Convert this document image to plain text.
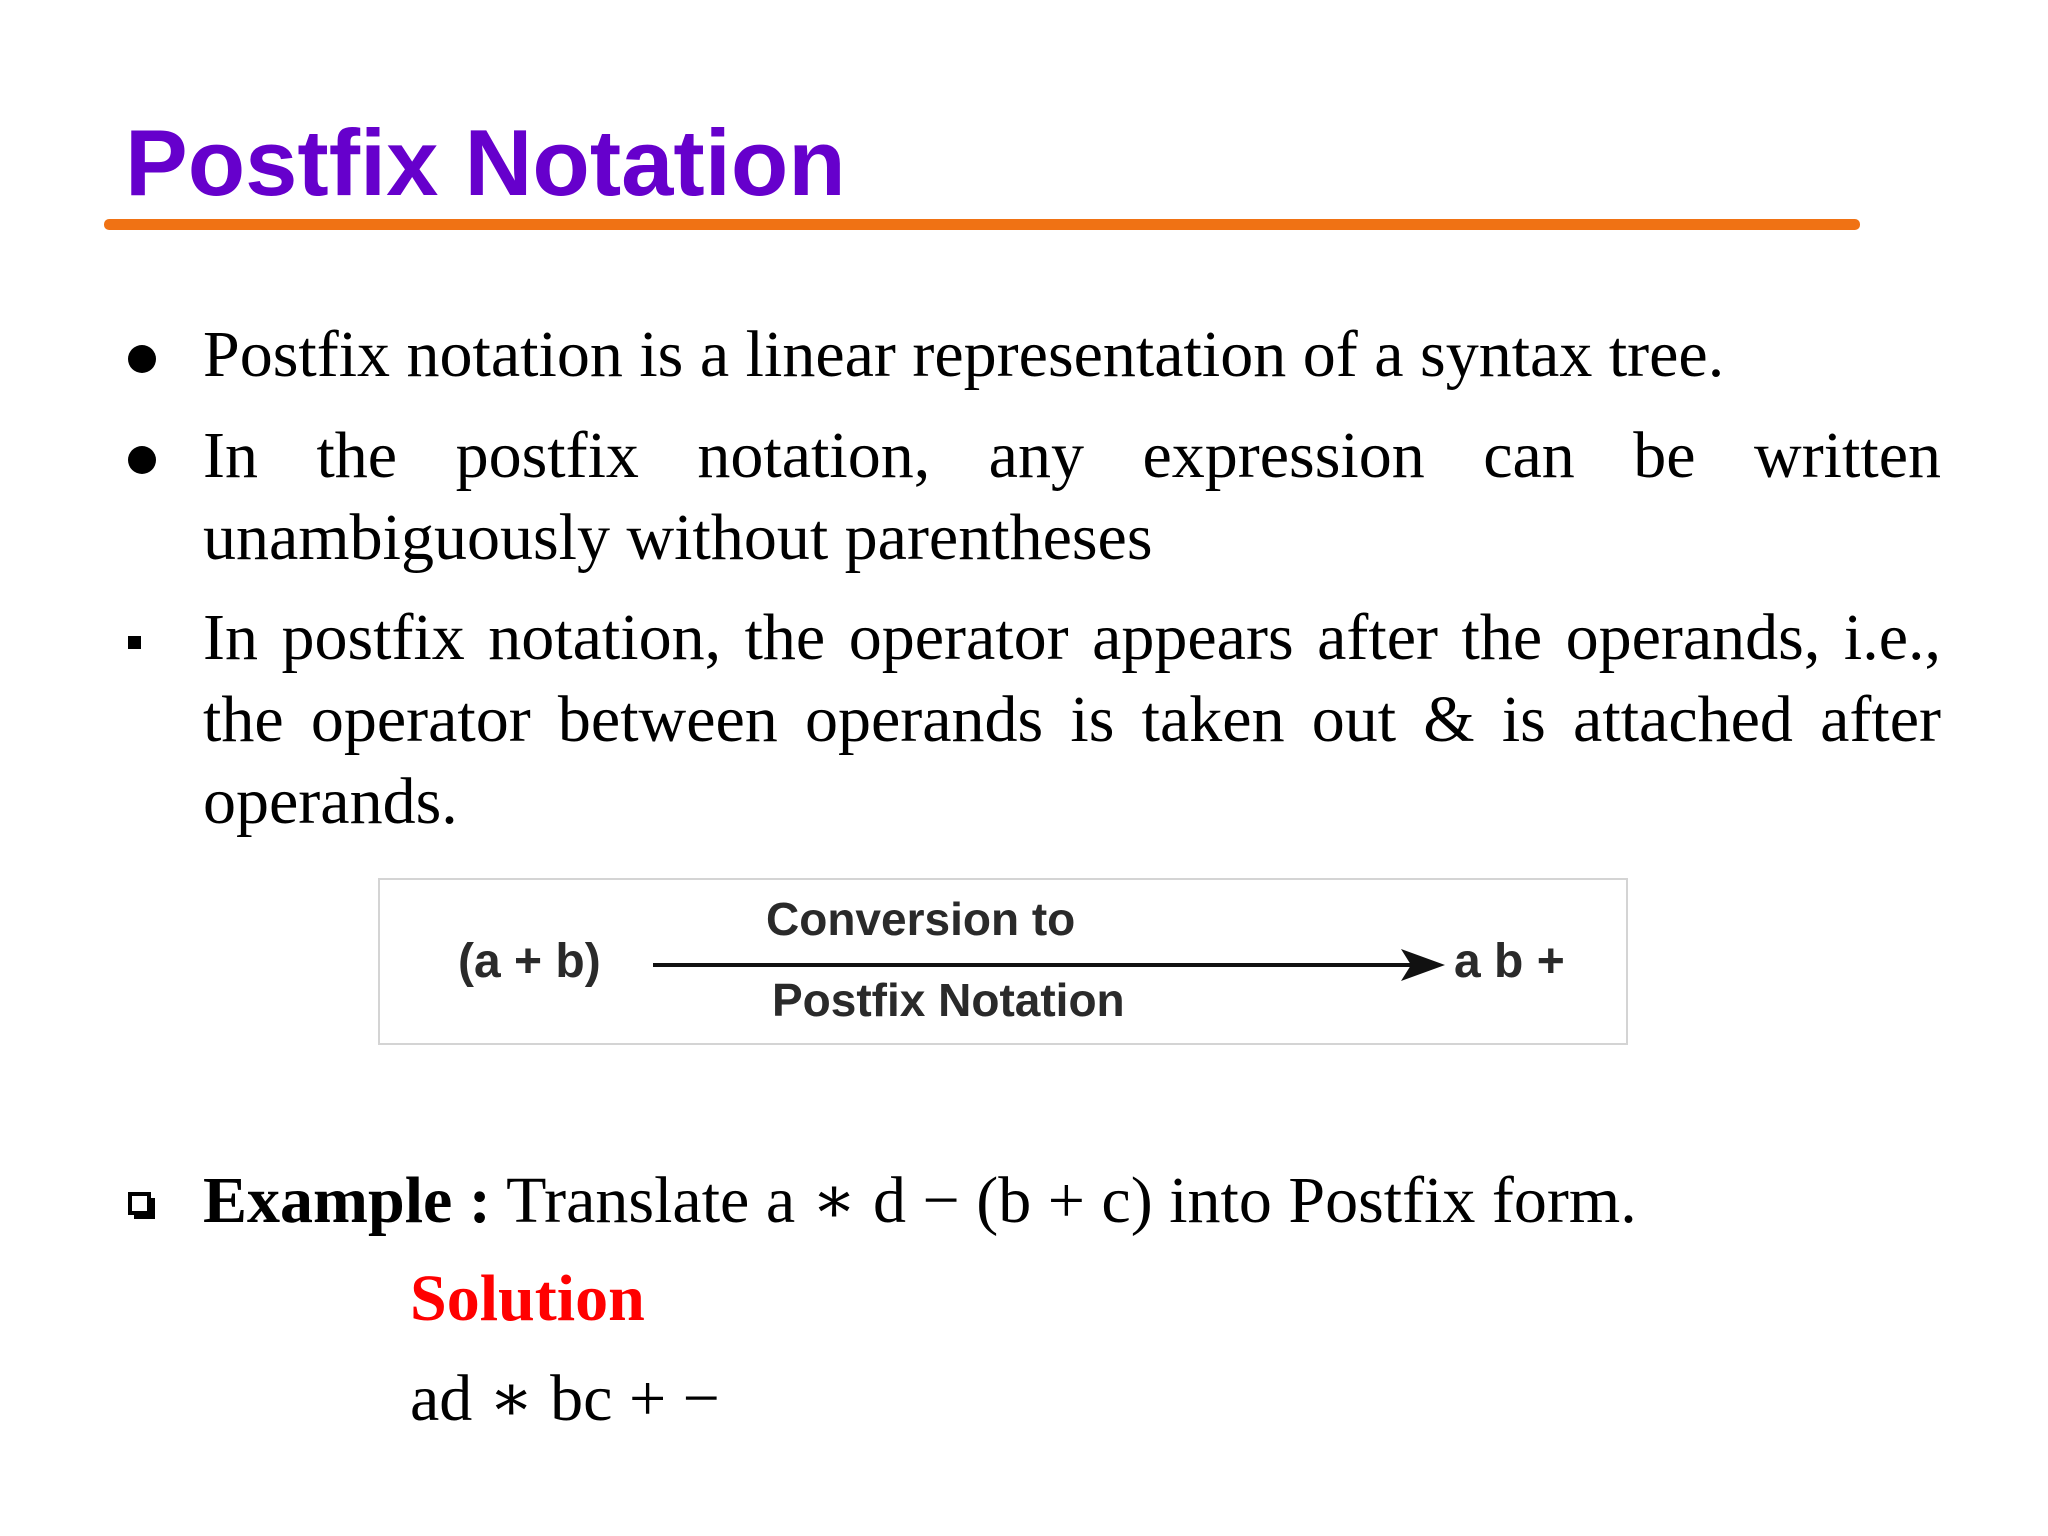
Postfix Notation
Postfix notation is a linear representation of a syntax tree.
In the postfix notation, any expression can be written unambiguously without parentheses
In postfix notation, the operator appears after the operands, i.e., the operator between operands is taken out & is attached after operands.
(a + b)
Conversion to
Postfix Notation
a b +
Example : Translate a ∗ d − (b + c) into Postfix form.
Solution
ad ∗ bc + −
